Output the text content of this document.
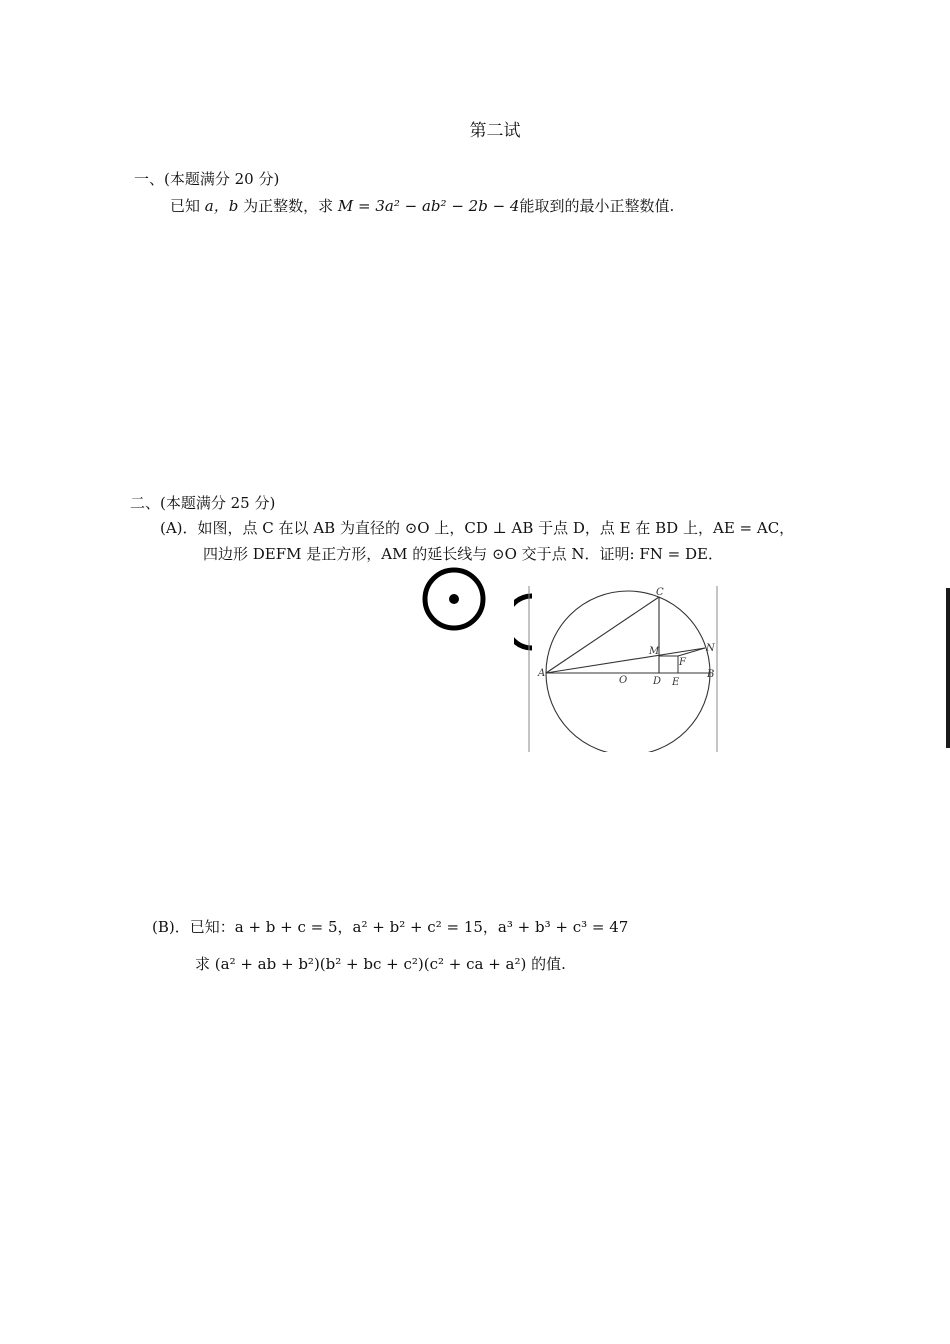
第二试
一、(本题满分 20 分)
已知 a，b 为正整数，求 M = 3a² − ab² − 2b − 4能取到的最小正整数值.
二、(本题满分 25 分)
(A)．如图，点 C 在以 AB 为直径的 ⊙O 上，CD ⊥ AB 于点 D，点 E 在 BD 上，AE = AC，
四边形 DEFM 是正方形，AM 的延长线与 ⊙O 交于点 N．证明: FN = DE．
A	B
C
D E
F
M	N
O
(B)．已知：a + b + c = 5，a² + b² + c² = 15，a³ + b³ + c³ = 47
求 (a² + ab + b²)(b² + bc + c²)(c² + ca + a²) 的值.
